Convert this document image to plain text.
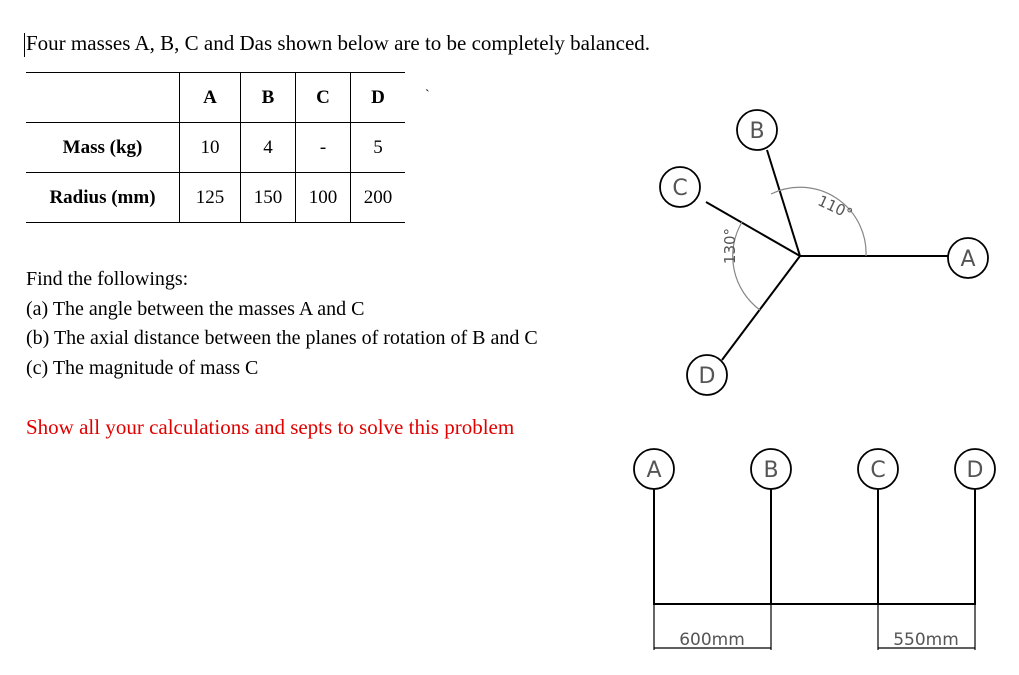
Four masses A, B, C and Das shown below are to be completely balanced.
`
	A	B	C	D
Mass (kg)	10	4	-	5
Radius (mm)	125	150	100	200
Find the followings:
(a) The angle between the masses A and C
(b) The axial distance between the planes of rotation of B and C
(c) The magnitude of mass C
Show all your calculations and septs to solve this problem
B
C
A
D
110°
130°
A	B	C	D
600mm	550mm
